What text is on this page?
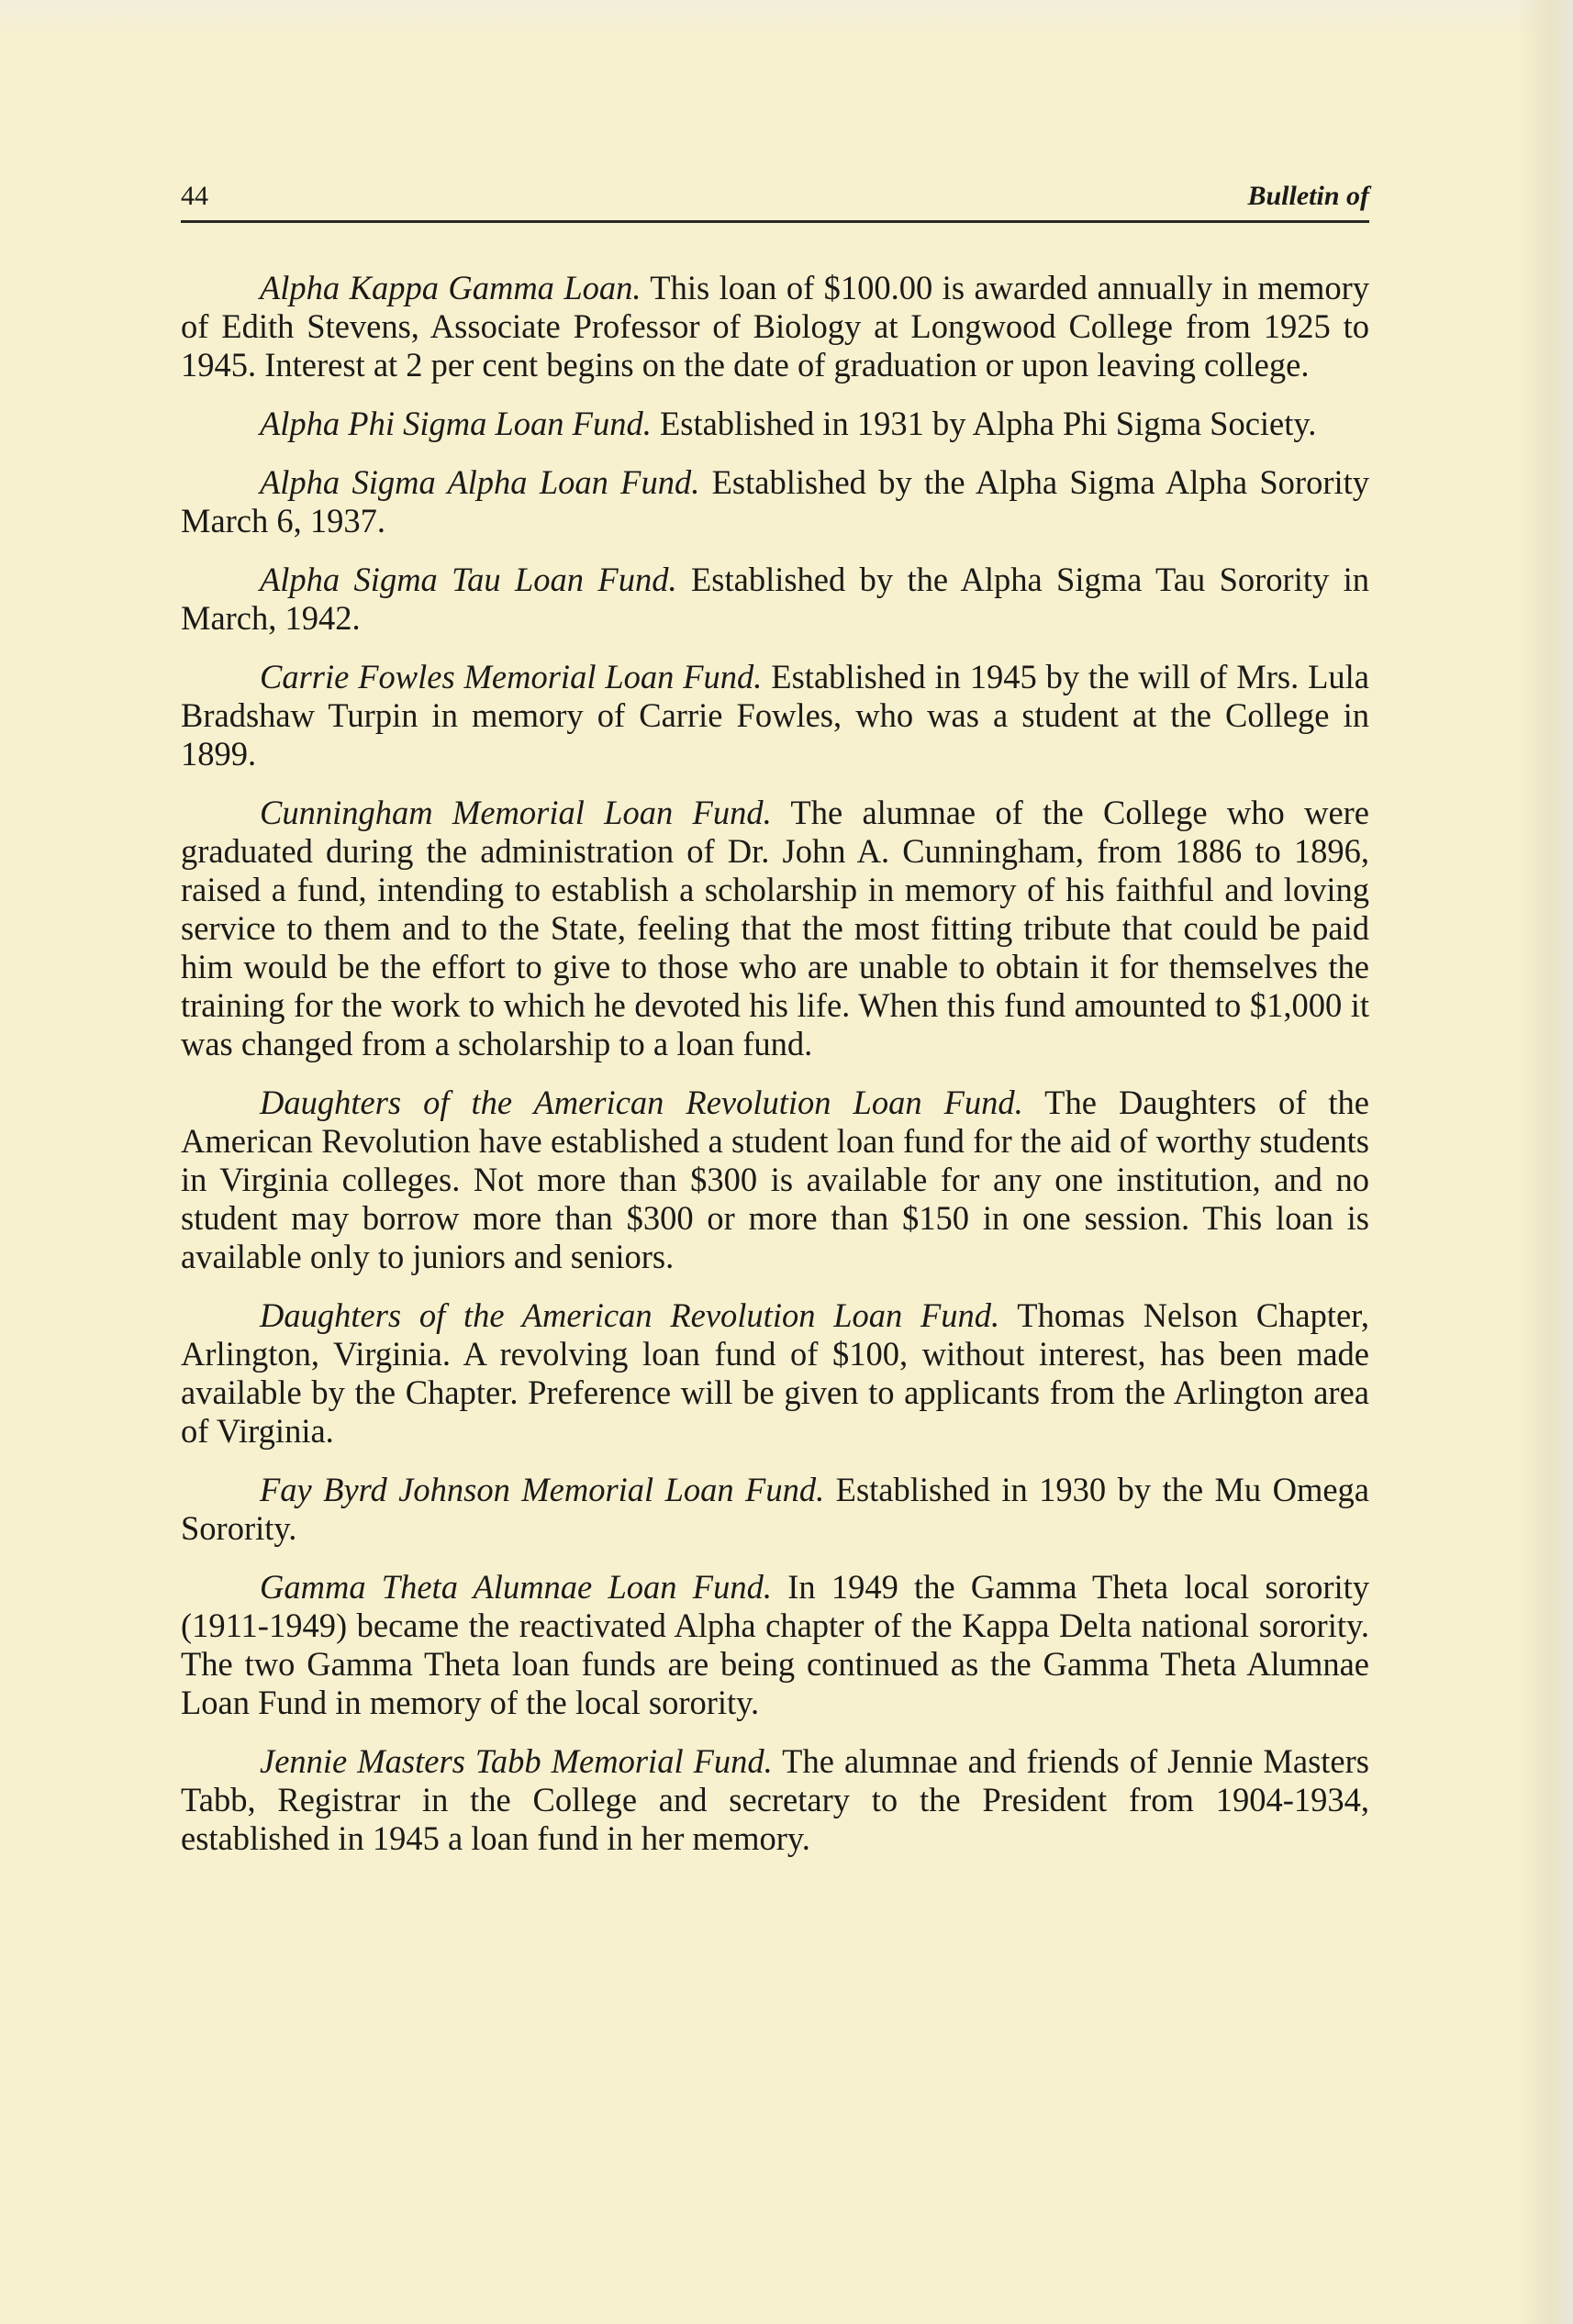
44	Bulletin of

Alpha Kappa Gamma Loan. This loan of $100.00 is awarded annually in memory of Edith Stevens, Associate Professor of Biology at Longwood College from 1925 to 1945. Interest at 2 per cent begins on the date of graduation or upon leaving college.

Alpha Phi Sigma Loan Fund. Established in 1931 by Alpha Phi Sigma Society.

Alpha Sigma Alpha Loan Fund. Established by the Alpha Sigma Alpha Sorority March 6, 1937.

Alpha Sigma Tau Loan Fund. Established by the Alpha Sigma Tau Sorority in March, 1942.

Carrie Fowles Memorial Loan Fund. Established in 1945 by the will of Mrs. Lula Bradshaw Turpin in memory of Carrie Fowles, who was a student at the College in 1899.

Cunningham Memorial Loan Fund. The alumnae of the College who were graduated during the administration of Dr. John A. Cunningham, from 1886 to 1896, raised a fund, intending to establish a scholarship in memory of his faithful and loving service to them and to the State, feeling that the most fitting tribute that could be paid him would be the effort to give to those who are unable to obtain it for themselves the training for the work to which he devoted his life. When this fund amounted to $1,000 it was changed from a scholarship to a loan fund.

Daughters of the American Revolution Loan Fund. The Daughters of the American Revolution have established a student loan fund for the aid of worthy students in Virginia colleges. Not more than $300 is available for any one institution, and no student may borrow more than $300 or more than $150 in one session. This loan is available only to juniors and seniors.

Daughters of the American Revolution Loan Fund. Thomas Nelson Chapter, Arlington, Virginia. A revolving loan fund of $100, without interest, has been made available by the Chapter. Preference will be given to applicants from the Arlington area of Virginia.

Fay Byrd Johnson Memorial Loan Fund. Established in 1930 by the Mu Omega Sorority.

Gamma Theta Alumnae Loan Fund. In 1949 the Gamma Theta local sorority (1911-1949) became the reactivated Alpha chapter of the Kappa Delta national sorority. The two Gamma Theta loan funds are being continued as the Gamma Theta Alumnae Loan Fund in memory of the local sorority.

Jennie Masters Tabb Memorial Fund. The alumnae and friends of Jennie Masters Tabb, Registrar in the College and secretary to the President from 1904-1934, established in 1945 a loan fund in her memory.
